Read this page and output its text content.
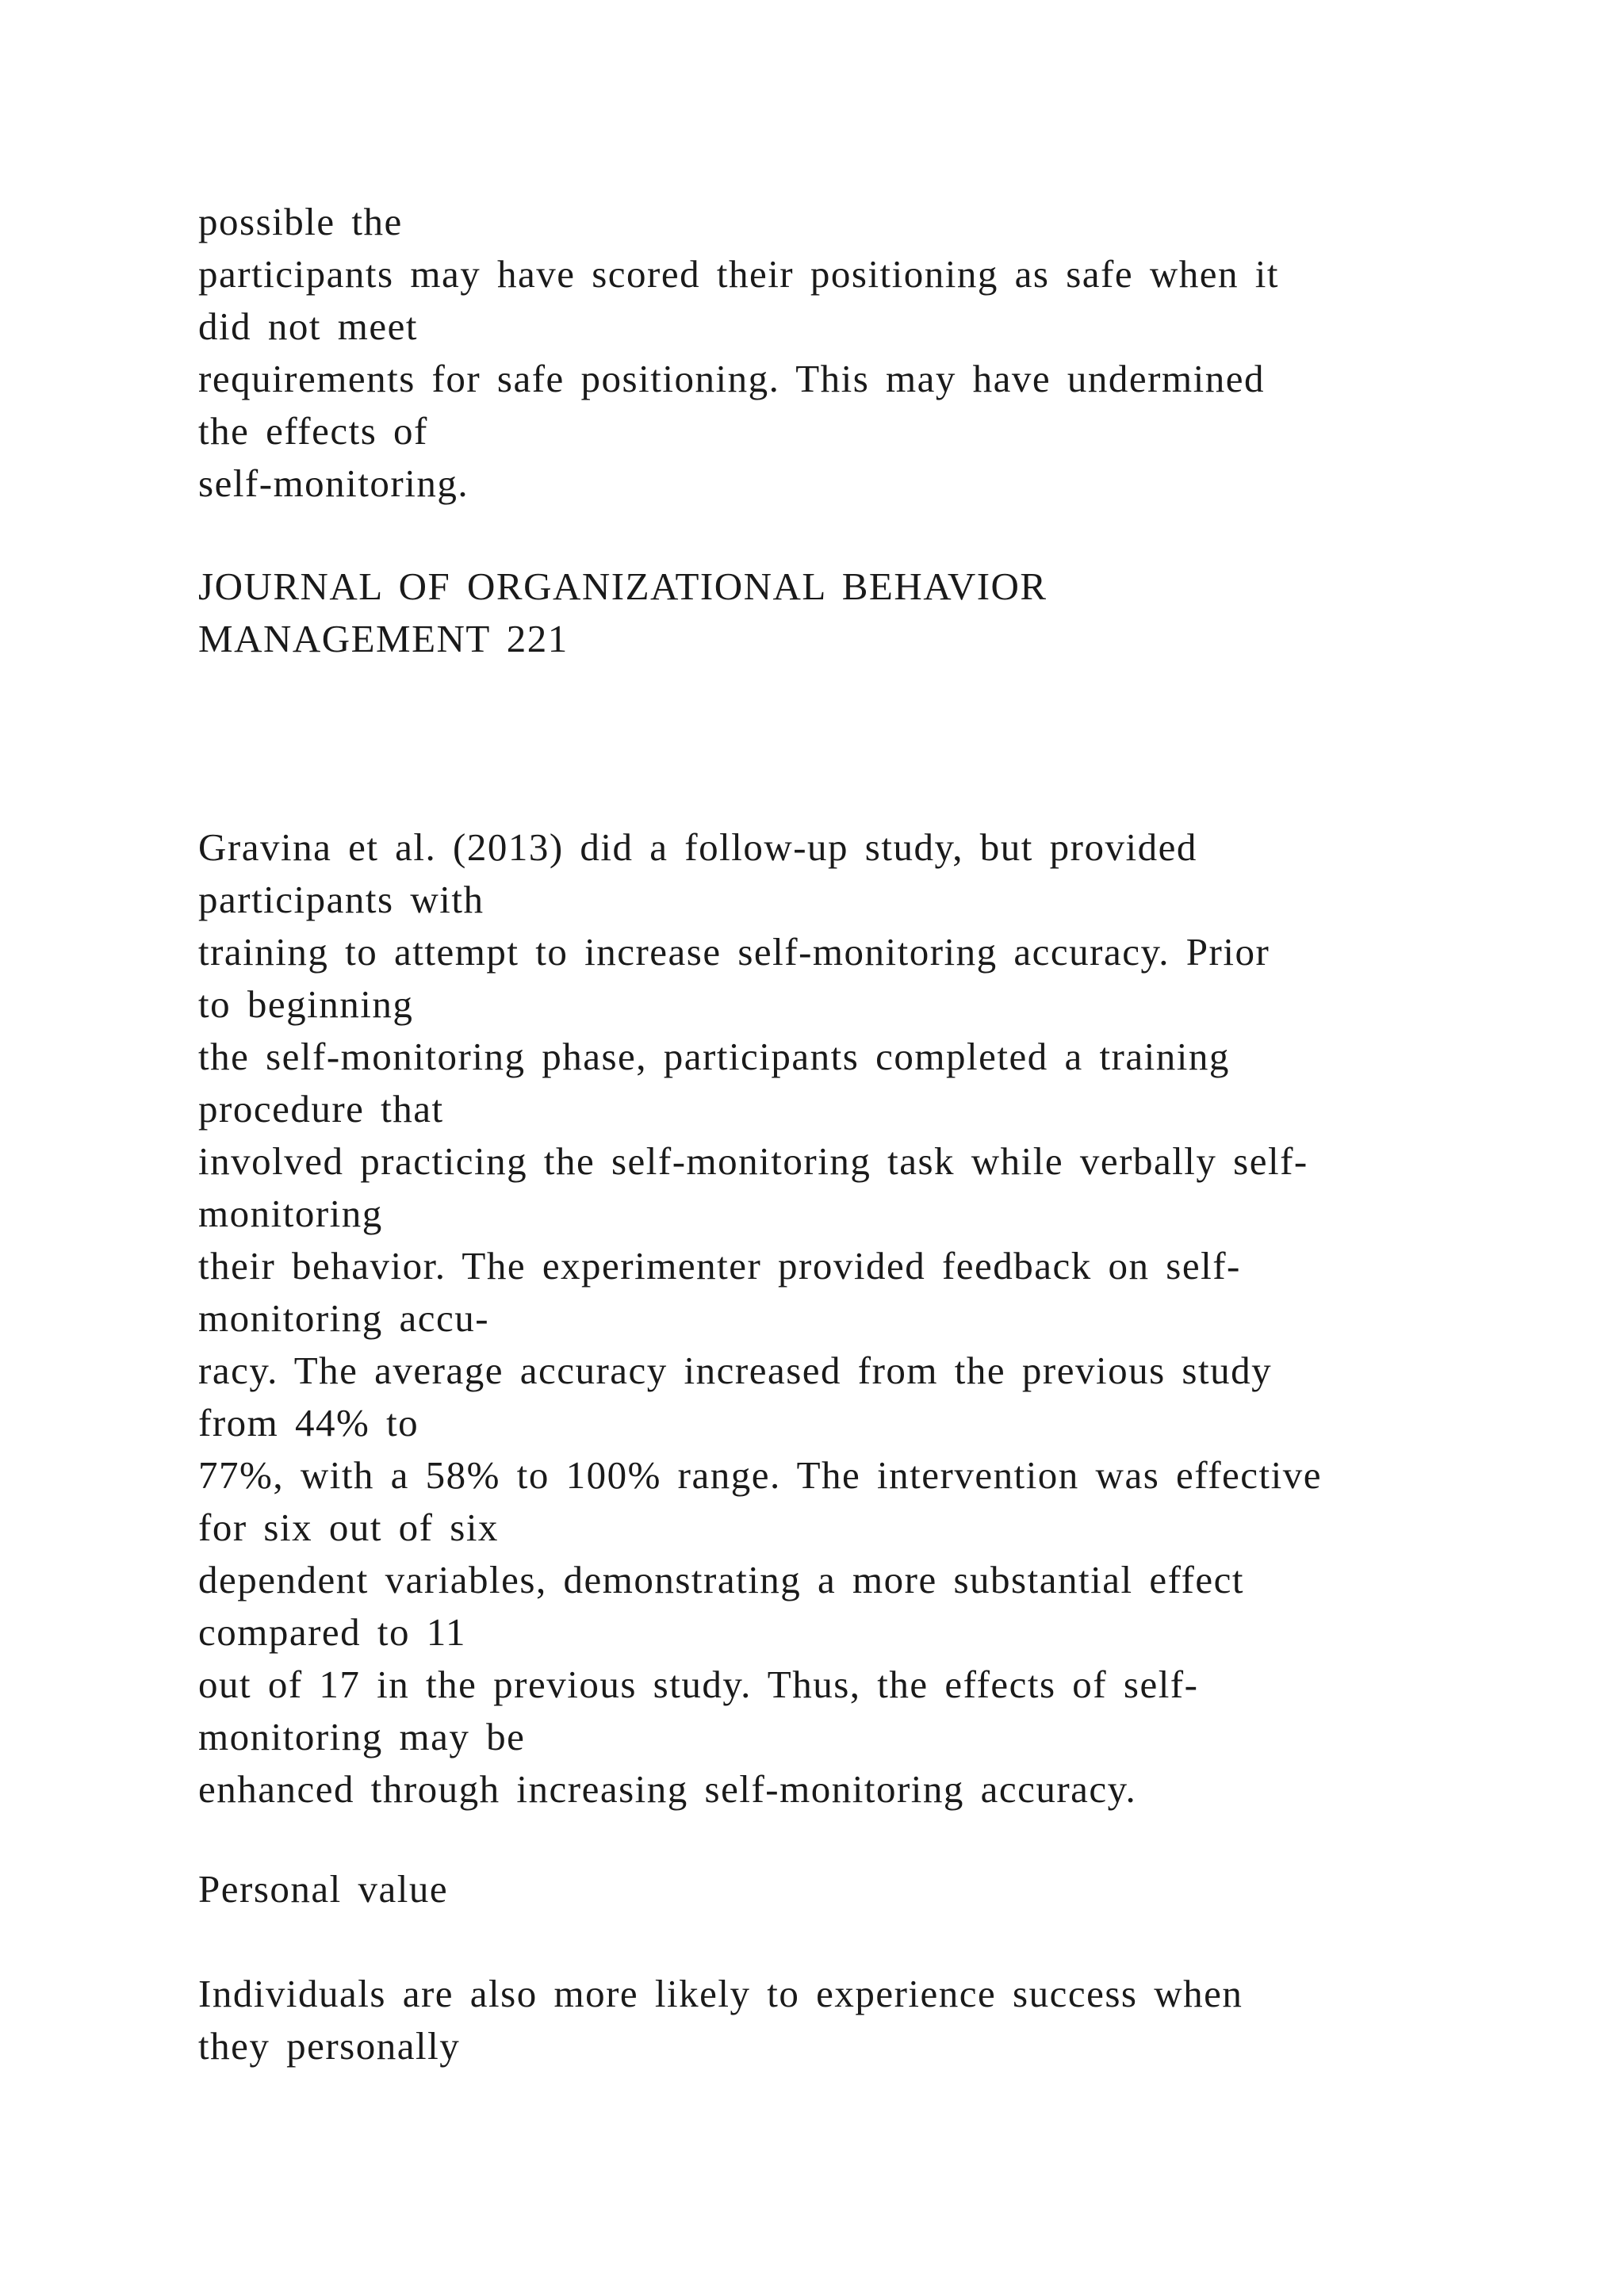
possible the
participants may have scored their positioning as safe when it
did not meet
requirements for safe positioning. This may have undermined
the effects of
self-monitoring.
JOURNAL OF ORGANIZATIONAL BEHAVIOR
MANAGEMENT 221
Gravina et al. (2013) did a follow-up study, but provided
participants with
training to attempt to increase self-monitoring accuracy. Prior
to beginning
the self-monitoring phase, participants completed a training
procedure that
involved practicing the self-monitoring task while verbally self-
monitoring
their behavior. The experimenter provided feedback on self-
monitoring accu-
racy. The average accuracy increased from the previous study
from 44% to
77%, with a 58% to 100% range. The intervention was effective
for six out of six
dependent variables, demonstrating a more substantial effect
compared to 11
out of 17 in the previous study. Thus, the effects of self-
monitoring may be
enhanced through increasing self-monitoring accuracy.
Personal value
Individuals are also more likely to experience success when
they personally
